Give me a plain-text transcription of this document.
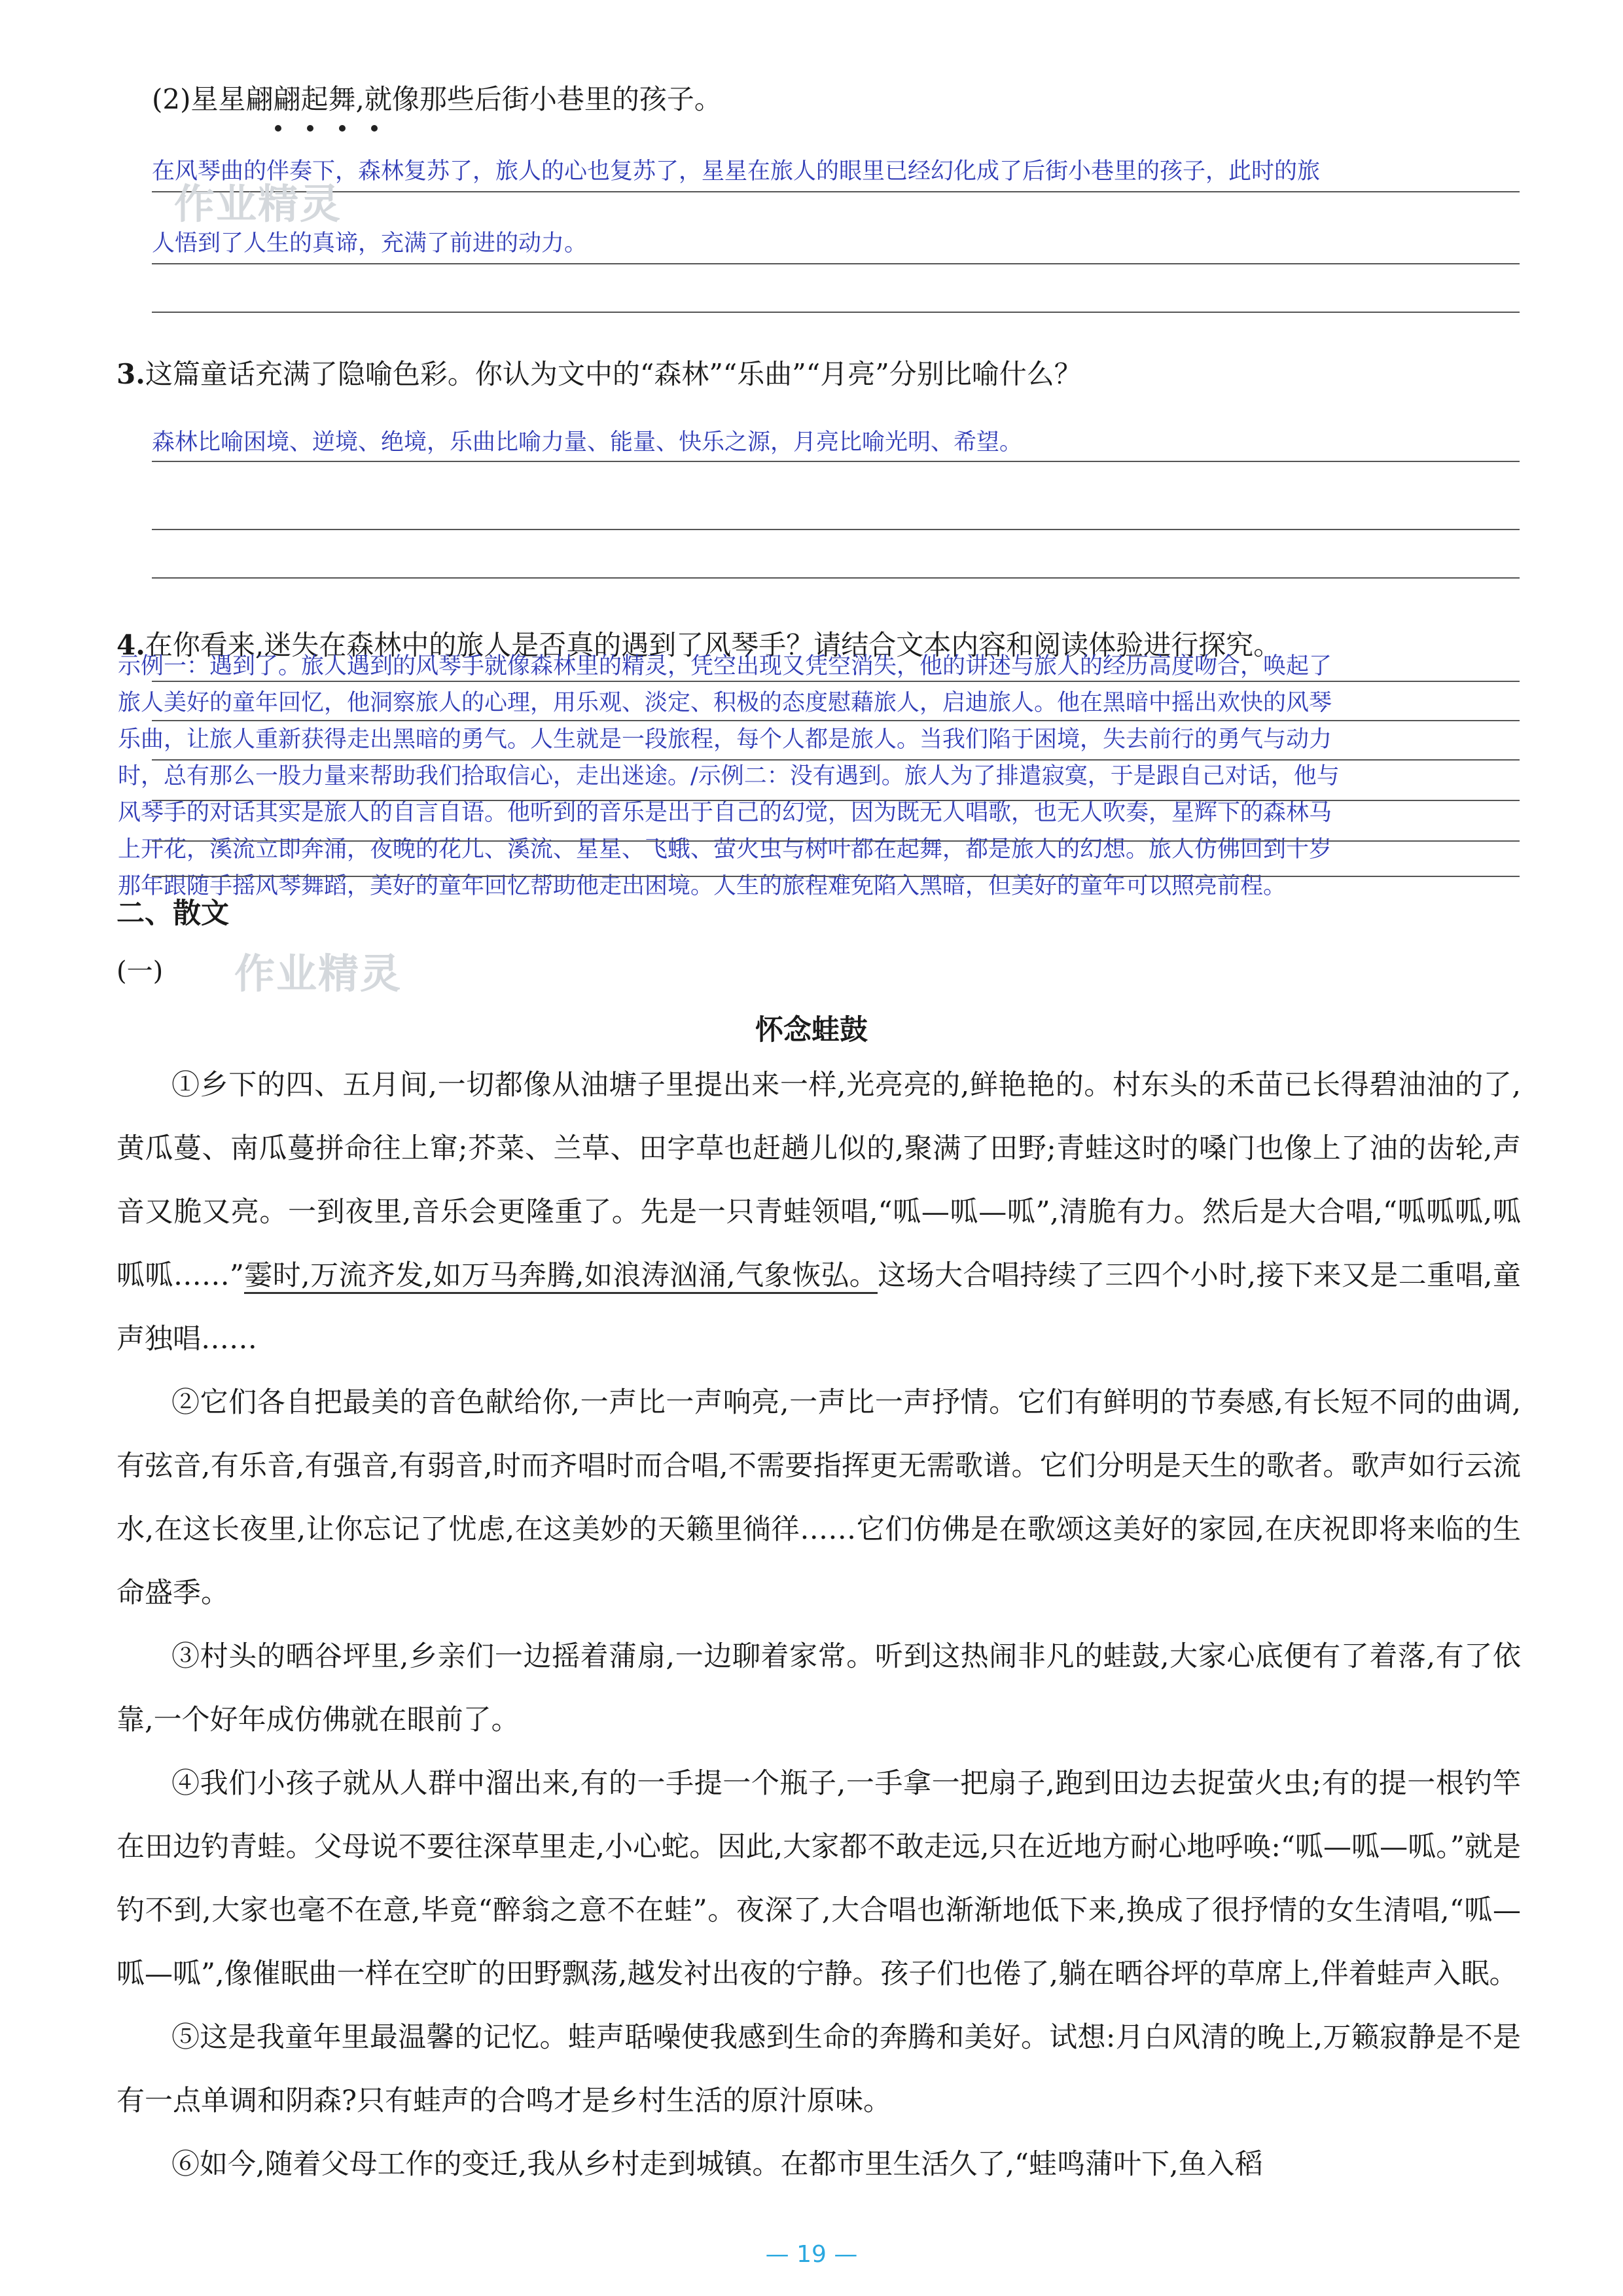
(2)星星翩翩起舞,就像那些后街小巷里的孩子。
在风琴曲的伴奏下，森林复苏了，旅人的心也复苏了，星星在旅人的眼里已经幻化成了后街小巷里的孩子，此时的旅
人悟到了人生的真谛，充满了前进的动力。
3.这篇童话充满了隐喻色彩。你认为文中的“森林”“乐曲”“月亮”分别比喻什么？
森林比喻困境、逆境、绝境，乐曲比喻力量、能量、快乐之源，月亮比喻光明、希望。
4.在你看来,迷失在森林中的旅人是否真的遇到了风琴手？请结合文本内容和阅读体验进行探究。
示例一：遇到了。旅人遇到的风琴手就像森林里的精灵，凭空出现又凭空消失，他的讲述与旅人的经历高度吻合，唤起了
旅人美好的童年回忆，他洞察旅人的心理，用乐观、淡定、积极的态度慰藉旅人，启迪旅人。他在黑暗中摇出欢快的风琴
乐曲，让旅人重新获得走出黑暗的勇气。人生就是一段旅程，每个人都是旅人。当我们陷于困境，失去前行的勇气与动力
时，总有那么一股力量来帮助我们拾取信心，走出迷途。/示例二：没有遇到。旅人为了排遣寂寞，于是跟自己对话，他与
风琴手的对话其实是旅人的自言自语。他听到的音乐是出于自己的幻觉，因为既无人唱歌，也无人吹奏，星辉下的森林马
上开花，溪流立即奔涌，夜晚的花儿、溪流、星星、飞蛾、萤火虫与树叶都在起舞，都是旅人的幻想。旅人仿佛回到十岁
那年跟随手摇风琴舞蹈，美好的童年回忆帮助他走出困境。人生的旅程难免陷入黑暗，但美好的童年可以照亮前程。
作业精灵
作业精灵
二、散文
(一)
怀念蛙鼓

①乡下的四、五月间,一切都像从油塘子里提出来一样,光亮亮的,鲜艳艳的。村东头的禾苗已长得碧油油的了,黄瓜蔓、南瓜蔓拼命往上窜;芥菜、兰草、田字草也赶趟儿似的,聚满了田野;青蛙这时的嗓门也像上了油的齿轮,声音又脆又亮。一到夜里,音乐会更隆重了。先是一只青蛙领唱,“呱—呱—呱”,清脆有力。然后是大合唱,“呱呱呱,呱呱呱……”霎时,万流齐发,如万马奔腾,如浪涛汹涌,气象恢弘。这场大合唱持续了三四个小时,接下来又是二重唱,童声独唱……

②它们各自把最美的音色献给你,一声比一声响亮,一声比一声抒情。它们有鲜明的节奏感,有长短不同的曲调,有弦音,有乐音,有强音,有弱音,时而齐唱时而合唱,不需要指挥更无需歌谱。它们分明是天生的歌者。歌声如行云流水,在这长夜里,让你忘记了忧虑,在这美妙的天籁里徜徉……它们仿佛是在歌颂这美好的家园,在庆祝即将来临的生命盛季。

③村头的晒谷坪里,乡亲们一边摇着蒲扇,一边聊着家常。听到这热闹非凡的蛙鼓,大家心底便有了着落,有了依靠,一个好年成仿佛就在眼前了。

④我们小孩子就从人群中溜出来,有的一手提一个瓶子,一手拿一把扇子,跑到田边去捉萤火虫;有的提一根钓竿在田边钓青蛙。父母说不要往深草里走,小心蛇。因此,大家都不敢走远,只在近地方耐心地呼唤:“呱—呱—呱。”就是钓不到,大家也毫不在意,毕竟“醉翁之意不在蛙”。夜深了,大合唱也渐渐地低下来,换成了很抒情的女生清唱,“呱—呱—呱”,像催眠曲一样在空旷的田野飘荡,越发衬出夜的宁静。孩子们也倦了,躺在晒谷坪的草席上,伴着蛙声入眠。

⑤这是我童年里最温馨的记忆。蛙声聒噪使我感到生命的奔腾和美好。试想:月白风清的晚上,万籁寂静是不是有一点单调和阴森?只有蛙声的合鸣才是乡村生活的原汁原味。

⑥如今,随着父母工作的变迁,我从乡村走到城镇。在都市里生活久了,“蛙鸣蒲叶下,鱼入稻

— 19 —
